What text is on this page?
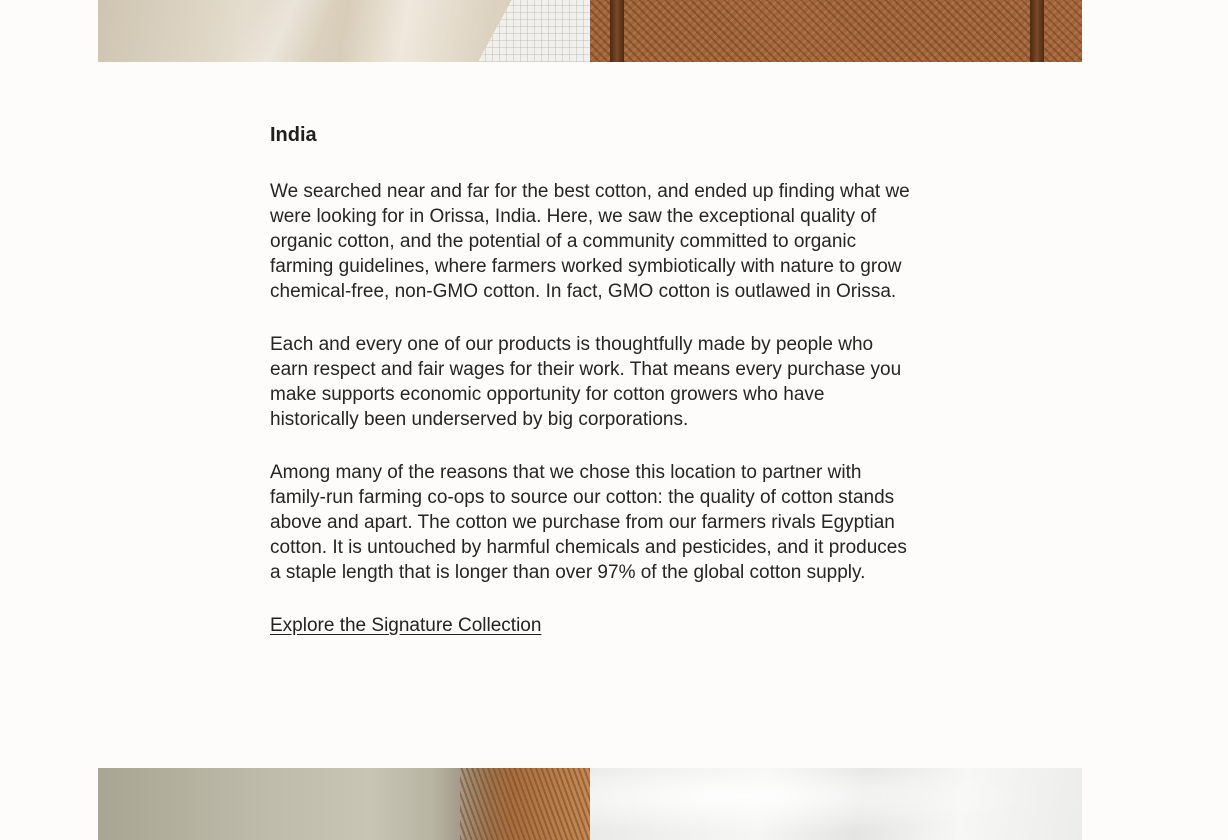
India

We searched near and far for the best cotton, and ended up finding what we were looking for in Orissa, India. Here, we saw the exceptional quality of organic cotton, and the potential of a community committed to organic farming guidelines, where farmers worked symbiotically with nature to grow chemical-free, non-GMO cotton. In fact, GMO cotton is outlawed in Orissa.

Each and every one of our products is thoughtfully made by people who earn respect and fair wages for their work. That means every purchase you make supports economic opportunity for cotton growers who have historically been underserved by big corporations.

Among many of the reasons that we chose this location to partner with family-run farming co-ops to source our cotton: the quality of cotton stands above and apart. The cotton we purchase from our farmers rivals Egyptian cotton. It is untouched by harmful chemicals and pesticides, and it produces a staple length that is longer than over 97% of the global cotton supply.

Explore the Signature Collection
